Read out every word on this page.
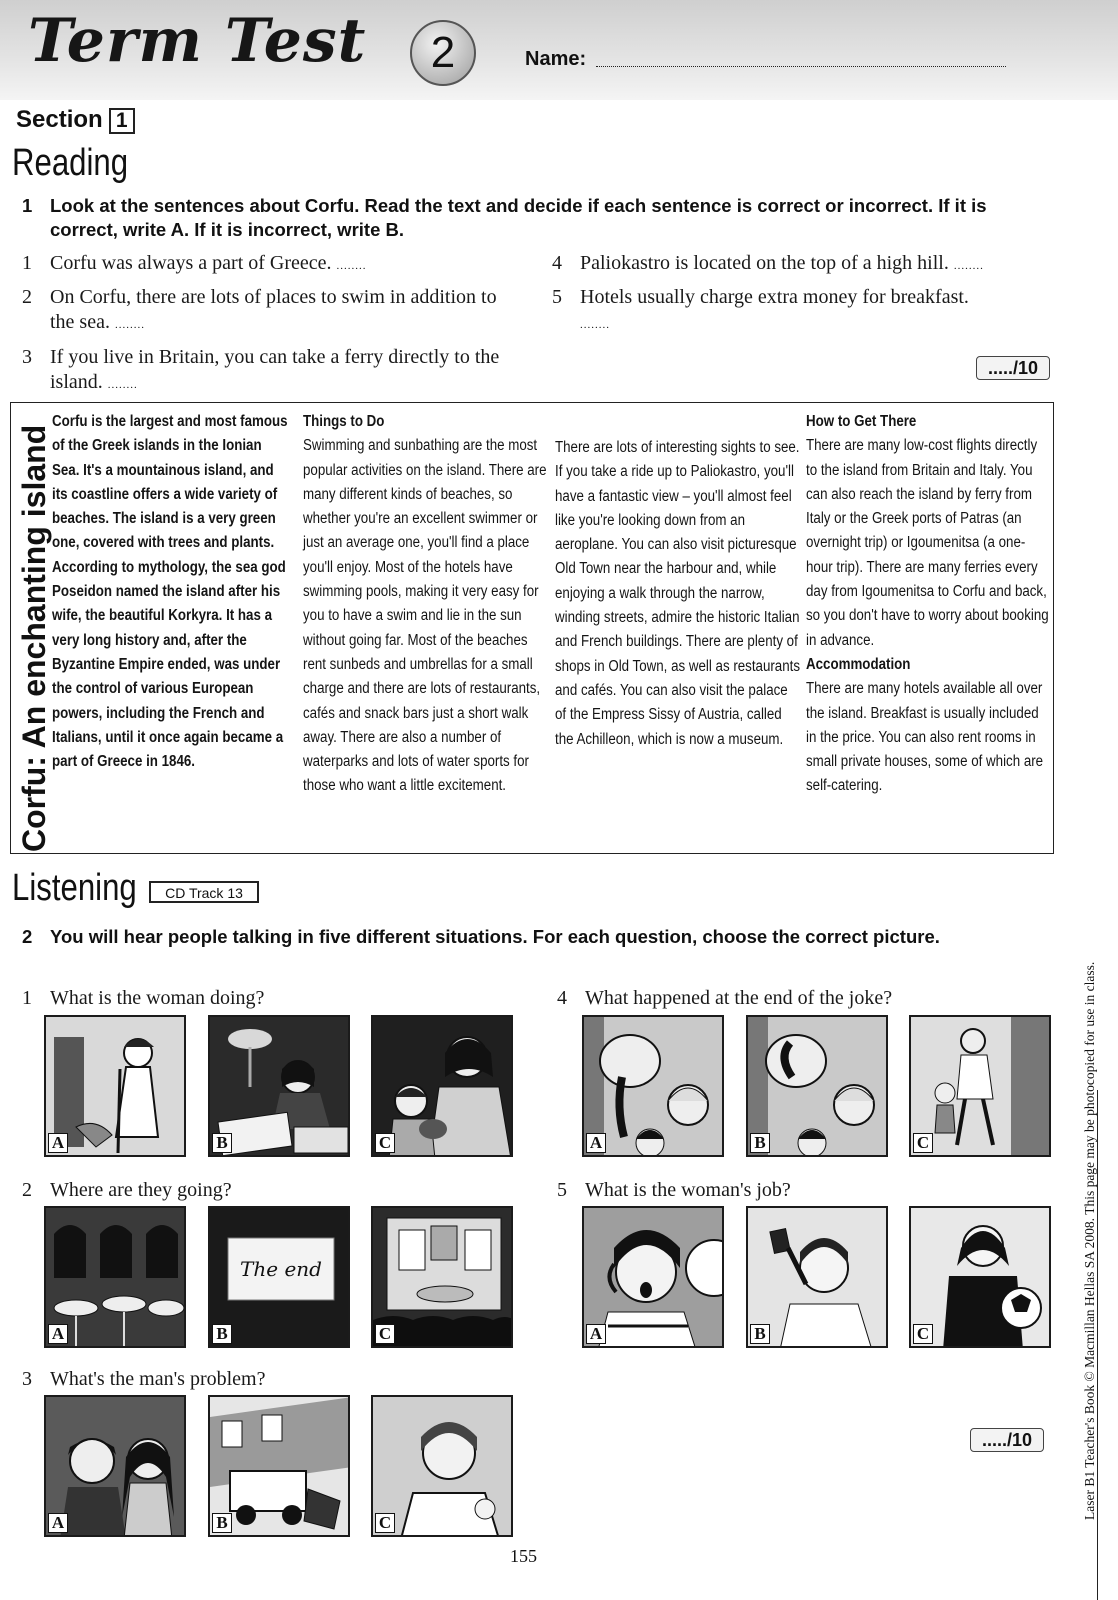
Term Test	2	Name:
Section 1
Reading
1 Look at the sentences about Corfu. Read the text and decide if each sentence is correct or incorrect. If it is correct, write A. If it is incorrect, write B.
1 Corfu was always a part of Greece. ........
2 On Corfu, there are lots of places to swim in addition to the sea. ........
3 If you live in Britain, you can take a ferry directly to the island. ........
4 Paliokastro is located on the top of a high hill. ........
5 Hotels usually charge extra money for breakfast.
........
...../10
Corfu: An enchanting island

Corfu is the largest and most famous of the Greek islands in the Ionian Sea. It's a mountainous island, and its coastline offers a wide variety of beaches. The island is a very green one, covered with trees and plants. According to mythology, the sea god Poseidon named the island after his wife, the beautiful Korkyra. It has a very long history and, after the Byzantine Empire ended, was under the control of various European powers, including the French and Italians, until it once again became a part of Greece in 1846.

Things to Do

Swimming and sunbathing are the most popular activities on the island. There are many different kinds of beaches, so whether you're an excellent swimmer or just an average one, you'll find a place you'll enjoy. Most of the hotels have swimming pools, making it very easy for you to have a swim and lie in the sun without going far. Most of the beaches rent sunbeds and umbrellas for a small charge and there are lots of restaurants, cafés and snack bars just a short walk away. There are also a number of waterparks and lots of water sports for those who want a little excitement.

There are lots of interesting sights to see. If you take a ride up to Paliokastro, you'll have a fantastic view – you'll almost feel like you're looking down from an aeroplane. You can also visit picturesque Old Town near the harbour and, while enjoying a walk through the narrow, winding streets, admire the historic Italian and French buildings. There are plenty of shops in Old Town, as well as restaurants and cafés. You can also visit the palace of the Empress Sissy of Austria, called the Achilleon, which is now a museum.

How to Get There

There are many low-cost flights directly to the island from Britain and Italy. You can also reach the island by ferry from Italy or the Greek ports of Patras (an overnight trip) or Igoumenitsa (a one-hour trip). There are many ferries every day from Igoumenitsa to Corfu and back, so you don't have to worry about booking in advance.

Accommodation

There are many hotels available all over the island. Breakfast is usually included in the price. You can also rent rooms in small private houses, some of which are self-catering.

Listening	CD Track 13
2 You will hear people talking in five different situations. For each question, choose the correct picture.
1 What is the woman doing?
2 Where are they going?
3 What's the man's problem?
4 What happened at the end of the joke?
5 What is the woman's job?
A	B	C
A
The end
B	C
A	B	C
A	B	C
A	B	C
...../10
155
Laser B1 Teacher's Book © Macmillan Hellas SA 2008. This page may be photocopied for use in class.
